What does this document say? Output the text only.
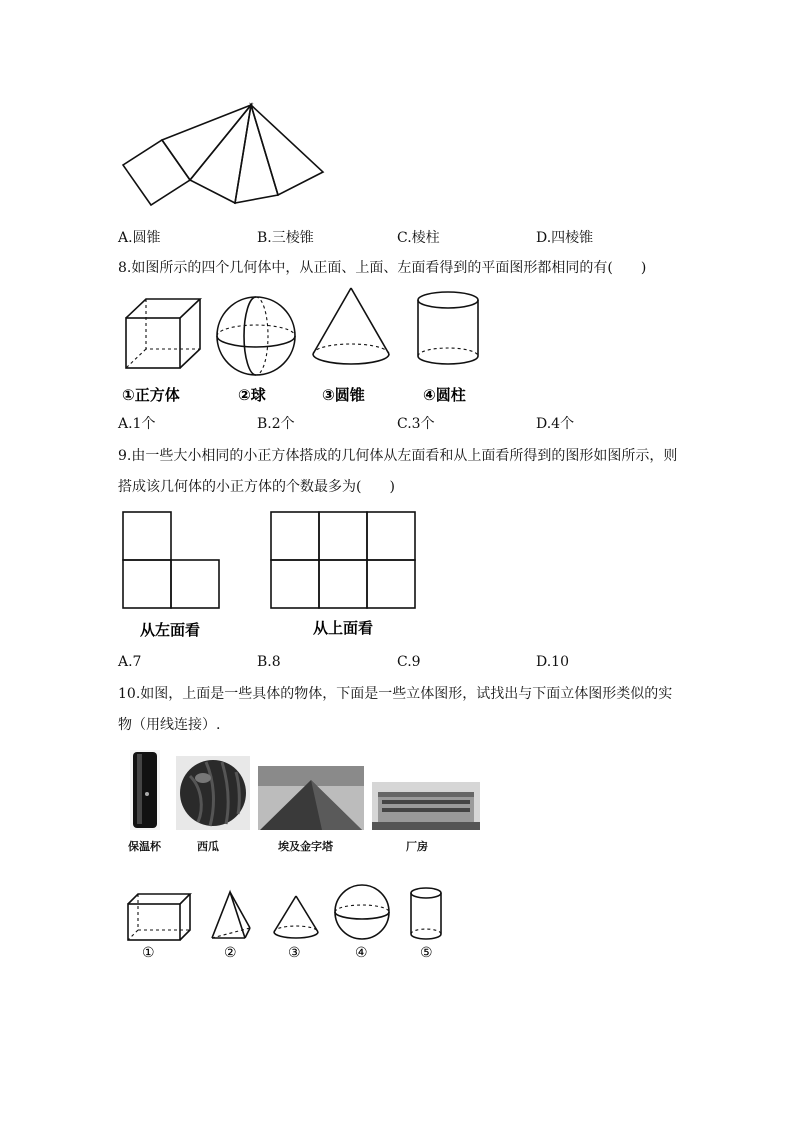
A.圆锥	B.三棱锥	C.棱柱	D.四棱锥
8.如图所示的四个几何体中，从正面、上面、左面看得到的平面图形都相同的有(　　)
①正方体	②球	③圆锥	④圆柱
A.1个	B.2个	C.3个	D.4个
9.由一些大小相同的小正方体搭成的几何体从左面看和从上面看所得到的图形如图所示，则
搭成该几何体的小正方体的个数最多为(　　)
从左面看	从上面看
A.7	B.8	C.9	D.10
10.如图，上面是一些具体的物体，下面是一些立体图形，试找出与下面立体图形类似的实
物（用线连接）.
保温杯	西瓜	埃及金字塔	厂房
①	②	③	④	⑤
